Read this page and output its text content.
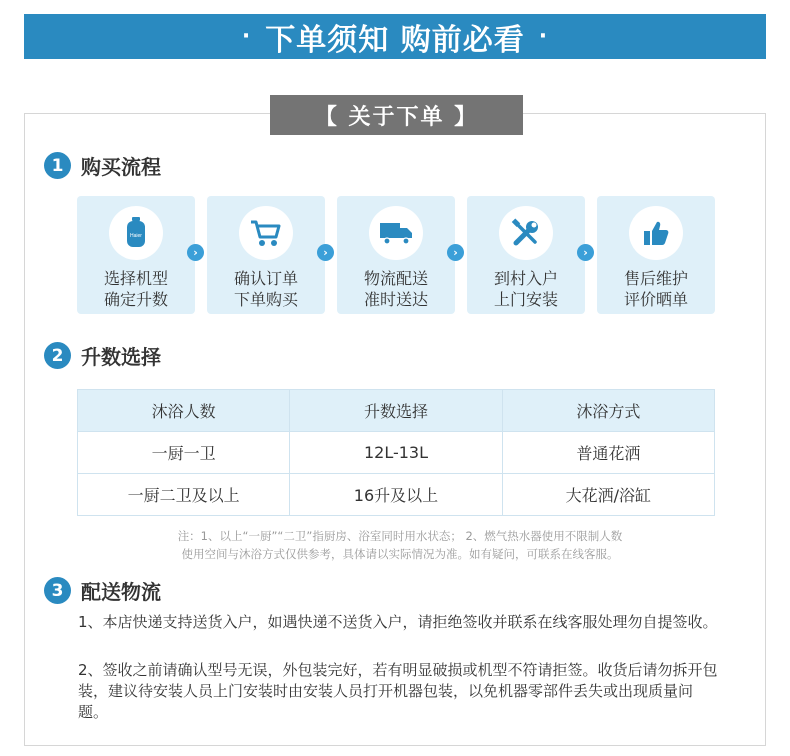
· 下单须知 购前必看 ·
【 关于下单 】
1 购买流程
Haier
选择机型
确定升数
›
确认订单
下单购买
›
物流配送
准时送达
›
到村入户
上门安装
›
售后维护
评价晒单
2 升数选择
沐浴人数	升数选择	沐浴方式
一厨一卫	12L-13L	普通花洒
一厨二卫及以上	16升及以上	大花洒/浴缸
注：1、以上“一厨”“二卫”指厨房、浴室同时用水状态； 2、燃气热水器使用不限制人数
使用空间与沐浴方式仅供参考，具体请以实际情况为准。如有疑问，可联系在线客服。
3 配送物流
1、本店快递支持送货入户，如遇快递不送货入户，请拒绝签收并联系在线客服处理勿自提签收。
2、签收之前请确认型号无误，外包装完好，若有明显破损或机型不符请拒签。收货后请勿拆开包装，建议待安装人员上门安装时由安装人员打开机器包装，以免机器零部件丢失或出现质量问题。
